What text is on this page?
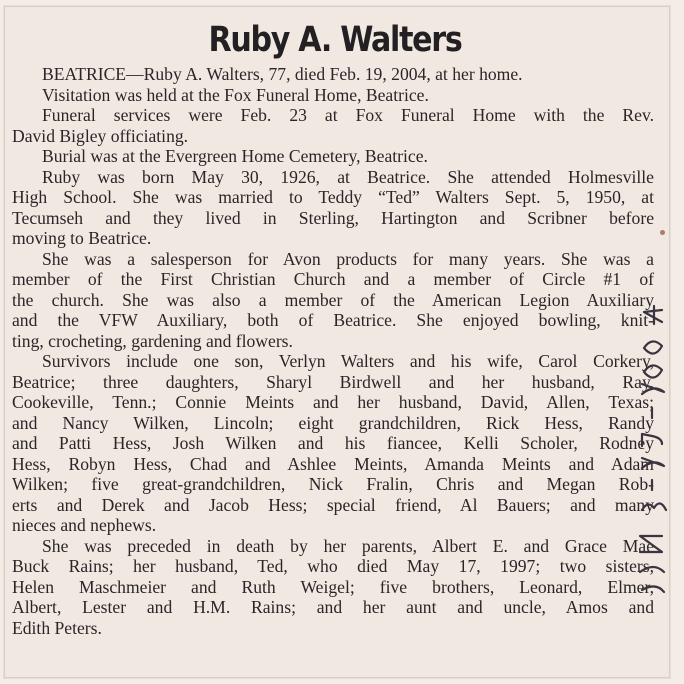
Ruby A. Walters
BEATRICE—Ruby A. Walters, 77, died Feb. 19, 2004, at her home.
Visitation was held at the Fox Funeral Home, Beatrice.
Funeral services were Feb. 23 at Fox Funeral Home with the Rev.
David Bigley officiating.
Burial was at the Evergreen Home Cemetery, Beatrice.
Ruby was born May 30, 1926, at Beatrice. She attended Holmesville
High School. She was married to Teddy “Ted” Walters Sept. 5, 1950, at
Tecumseh and they lived in Sterling, Hartington and Scribner before
moving to Beatrice.
She was a salesperson for Avon products for many years. She was a
member of the First Christian Church and a member of Circle #1 of
the church. She was also a member of the American Legion Auxiliary
and the VFW Auxiliary, both of Beatrice. She enjoyed bowling, knit-
ting, crocheting, gardening and flowers.
Survivors include one son, Verlyn Walters and his wife, Carol Corkery,
Beatrice; three daughters, Sharyl Birdwell and her husband, Ray,
Cookeville, Tenn.; Connie Meints and her husband, David, Allen, Texas;
and Nancy Wilken, Lincoln; eight grandchildren, Rick Hess, Randy
and Patti Hess, Josh Wilken and his fiancee, Kelli Scholer, Rodney
Hess, Robyn Hess, Chad and Ashlee Meints, Amanda Meints and Adam
Wilken; five great-grandchildren, Nick Fralin, Chris and Megan Rob-
erts and Derek and Jacob Hess; special friend, Al Bauers; and many
nieces and nephews.
She was preceded in death by her parents, Albert E. and Grace Mae
Buck Rains; her husband, Ted, who died May 17, 1997; two sisters,
Helen Maschmeier and Ruth Weigel; five brothers, Leonard, Elmer,
Albert, Lester and H.M. Rains; and her aunt and uncle, Amos and
Edith Peters.
